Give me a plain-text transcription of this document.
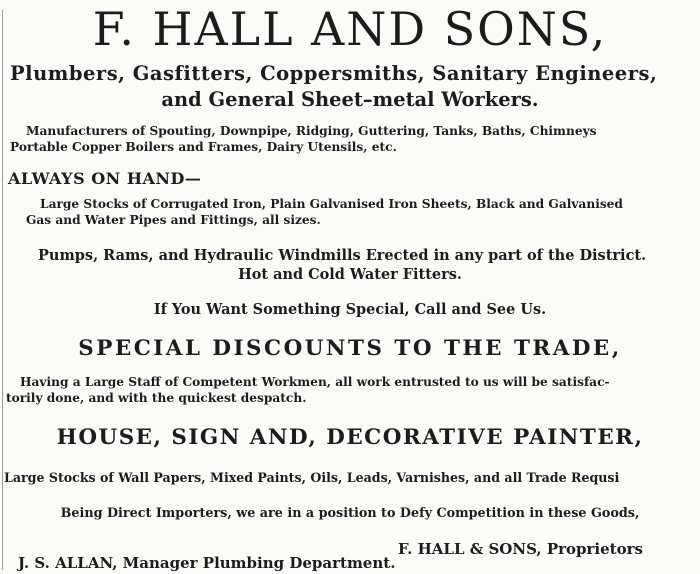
F. HALL AND SONS,
Plumbers, Gasfitters, Coppersmiths, Sanitary Engineers,
and General Sheet–metal Workers.
Manufacturers of Spouting, Downpipe, Ridging, Guttering, Tanks, Baths, Chimneys
Portable Copper Boilers and Frames, Dairy Utensils, etc.
ALWAYS ON HAND—
Large Stocks of Corrugated Iron, Plain Galvanised Iron Sheets, Black and Galvanised
Gas and Water Pipes and Fittings, all sizes.
Pumps, Rams, and Hydraulic Windmills Erected in any part of the District.
Hot and Cold Water Fitters.
If You Want Something Special, Call and See Us.
SPECIAL DISCOUNTS TO THE TRADE,
Having a Large Staff of Competent Workmen, all work entrusted to us will be satisfac-
torily done, and with the quickest despatch.
HOUSE, SIGN AND, DECORATIVE PAINTER,
Large Stocks of Wall Papers, Mixed Paints, Oils, Leads, Varnishes, and all Trade Requsi
Being Direct Importers, we are in a position to Defy Competition in these Goods,
F. HALL & SONS, Proprietors
J. S. ALLAN, Manager Plumbing Department.
